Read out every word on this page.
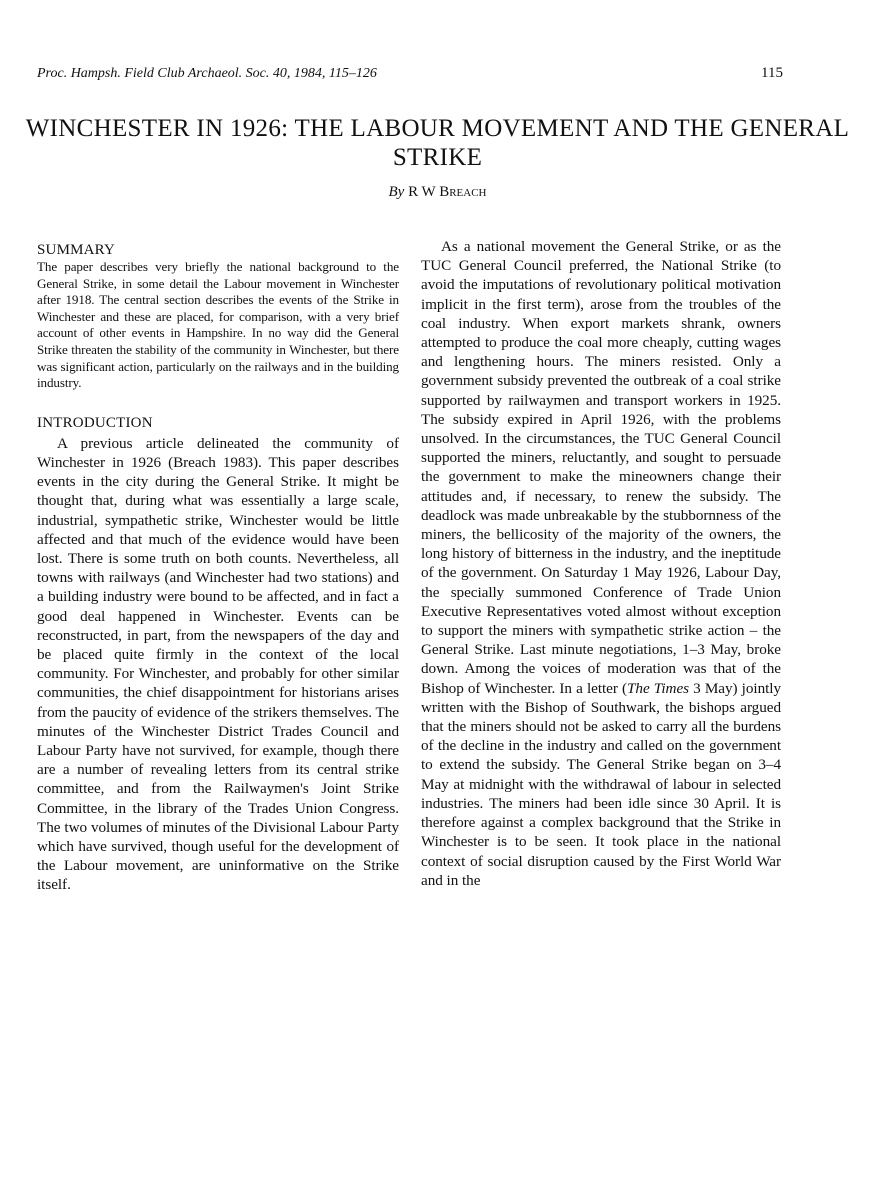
Proc. Hampsh. Field Club Archaeol. Soc. 40, 1984, 115–126	115
WINCHESTER IN 1926: THE LABOUR MOVEMENT AND THE GENERAL STRIKE
By R W Breach
SUMMARY

The paper describes very briefly the national background to the General Strike, in some detail the Labour movement in Winchester after 1918. The central section describes the events of the Strike in Winchester and these are placed, for comparison, with a very brief account of other events in Hampshire. In no way did the General Strike threaten the stability of the community in Winchester, but there was significant action, particularly on the railways and in the building industry.

INTRODUCTION

A previous article delineated the community of Winchester in 1926 (Breach 1983). This paper describes events in the city during the General Strike. It might be thought that, during what was essentially a large scale, industrial, sympathetic strike, Winchester would be little affected and that much of the evidence would have been lost. There is some truth on both counts. Nevertheless, all towns with railways (and Winchester had two stations) and a building industry were bound to be affected, and in fact a good deal happened in Winchester. Events can be reconstructed, in part, from the newspapers of the day and be placed quite firmly in the context of the local community. For Winchester, and probably for other similar communities, the chief disappointment for historians arises from the paucity of evidence of the strikers themselves. The minutes of the Winchester District Trades Council and Labour Party have not survived, for example, though there are a number of revealing letters from its central strike committee, and from the Railwaymen's Joint Strike Committee, in the library of the Trades Union Congress. The two volumes of minutes of the Divisional Labour Party which have survived, though useful for the development of the Labour movement, are uninformative on the Strike itself.

As a national movement the General Strike, or as the TUC General Council preferred, the National Strike (to avoid the imputations of revolutionary political motivation implicit in the first term), arose from the troubles of the coal industry. When export markets shrank, owners attempted to produce the coal more cheaply, cutting wages and lengthening hours. The miners resisted. Only a government subsidy prevented the outbreak of a coal strike supported by railwaymen and transport workers in 1925. The subsidy expired in April 1926, with the problems unsolved. In the circumstances, the TUC General Council supported the miners, reluctantly, and sought to persuade the government to make the mineowners change their attitudes and, if necessary, to renew the subsidy. The deadlock was made unbreakable by the stubbornness of the miners, the bellicosity of the majority of the owners, the long history of bitterness in the industry, and the ineptitude of the government. On Saturday 1 May 1926, Labour Day, the specially summoned Conference of Trade Union Executive Representatives voted almost without exception to support the miners with sympathetic strike action – the General Strike. Last minute negotiations, 1–3 May, broke down. Among the voices of moderation was that of the Bishop of Winchester. In a letter (The Times 3 May) jointly written with the Bishop of Southwark, the bishops argued that the miners should not be asked to carry all the burdens of the decline in the industry and called on the government to extend the subsidy. The General Strike began on 3–4 May at midnight with the withdrawal of labour in selected industries. The miners had been idle since 30 April. It is therefore against a complex background that the Strike in Winchester is to be seen. It took place in the national context of social disruption caused by the First World War and in the
